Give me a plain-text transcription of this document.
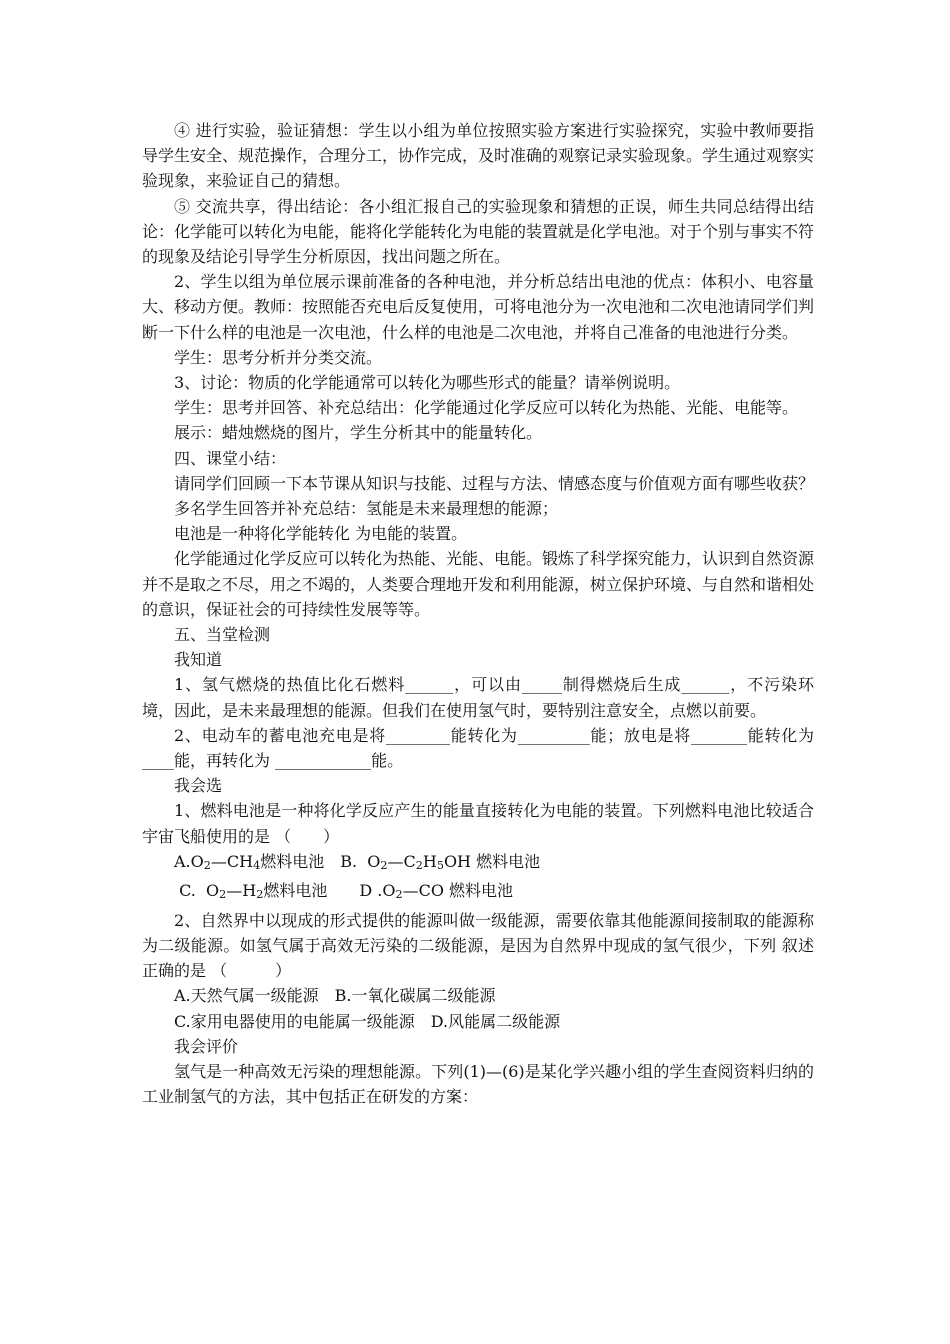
④ 进行实验，验证猜想：学生以小组为单位按照实验方案进行实验探究，实验中教师要指导学生安全、规范操作，合理分工，协作完成，及时准确的观察记录实验现象。学生通过观察实验现象，来验证自己的猜想。

⑤ 交流共享，得出结论：各小组汇报自己的实验现象和猜想的正误，师生共同总结得出结论：化学能可以转化为电能，能将化学能转化为电能的装置就是化学电池。对于个别与事实不符的现象及结论引导学生分析原因，找出问题之所在。

2、学生以组为单位展示课前准备的各种电池，并分析总结出电池的优点：体积小、电容量大、移动方便。教师：按照能否充电后反复使用，可将电池分为一次电池和二次电池请同学们判断一下什么样的电池是一次电池，什么样的电池是二次电池，并将自己准备的电池进行分类。

学生：思考分析并分类交流。

3、讨论：物质的化学能通常可以转化为哪些形式的能量？请举例说明。

学生：思考并回答、补充总结出：化学能通过化学反应可以转化为热能、光能、电能等。

展示：蜡烛燃烧的图片，学生分析其中的能量转化。

四、课堂小结：

请同学们回顾一下本节课从知识与技能、过程与方法、情感态度与价值观方面有哪些收获？

多名学生回答并补充总结：氢能是未来最理想的能源；

电池是一种将化学能转化 为电能的装置。

化学能通过化学反应可以转化为热能、光能、电能。锻炼了科学探究能力，认识到自然资源并不是取之不尽，用之不竭的，人类要合理地开发和利用能源，树立保护环境、与自然和谐相处的意识，保证社会的可持续性发展等等。

五、当堂检测

我知道

1、氢气燃烧的热值比化石燃料______，可以由_____制得燃烧后生成______，不污染环境，因此，是未来最理想的能源。但我们在使用氢气时，要特别注意安全，点燃以前要。

2、电动车的蓄电池充电是将________能转化为_________能；放电是将_______能转化为____能，再转化为 ____________能。

我会选

1、燃料电池是一种将化学反应产生的能量直接转化为电能的装置。下列燃料电池比较适合宇宙飞船使用的是 （　　）

$A.O_2—CH_4$燃料电池　B.  $O_2—C_2H_5OH$ 燃料电池

C.  $O_2—H_2$燃料电池　　D $.O_2—CO$ 燃料电池

2、自然界中以现成的形式提供的能源叫做一级能源，需要依靠其他能源间接制取的能源称为二级能源。如氢气属于高效无污染的二级能源，是因为自然界中现成的氢气很少，下列 叙述正确的是 （　　　）

A.天然气属一级能源　B.一氧化碳属二级能源

C.家用电器使用的电能属一级能源　D.风能属二级能源

我会评价

氢气是一种高效无污染的理想能源。下列(1)—(6)是某化学兴趣小组的学生查阅资料归纳的工业制氢气的方法，其中包括正在研发的方案：
